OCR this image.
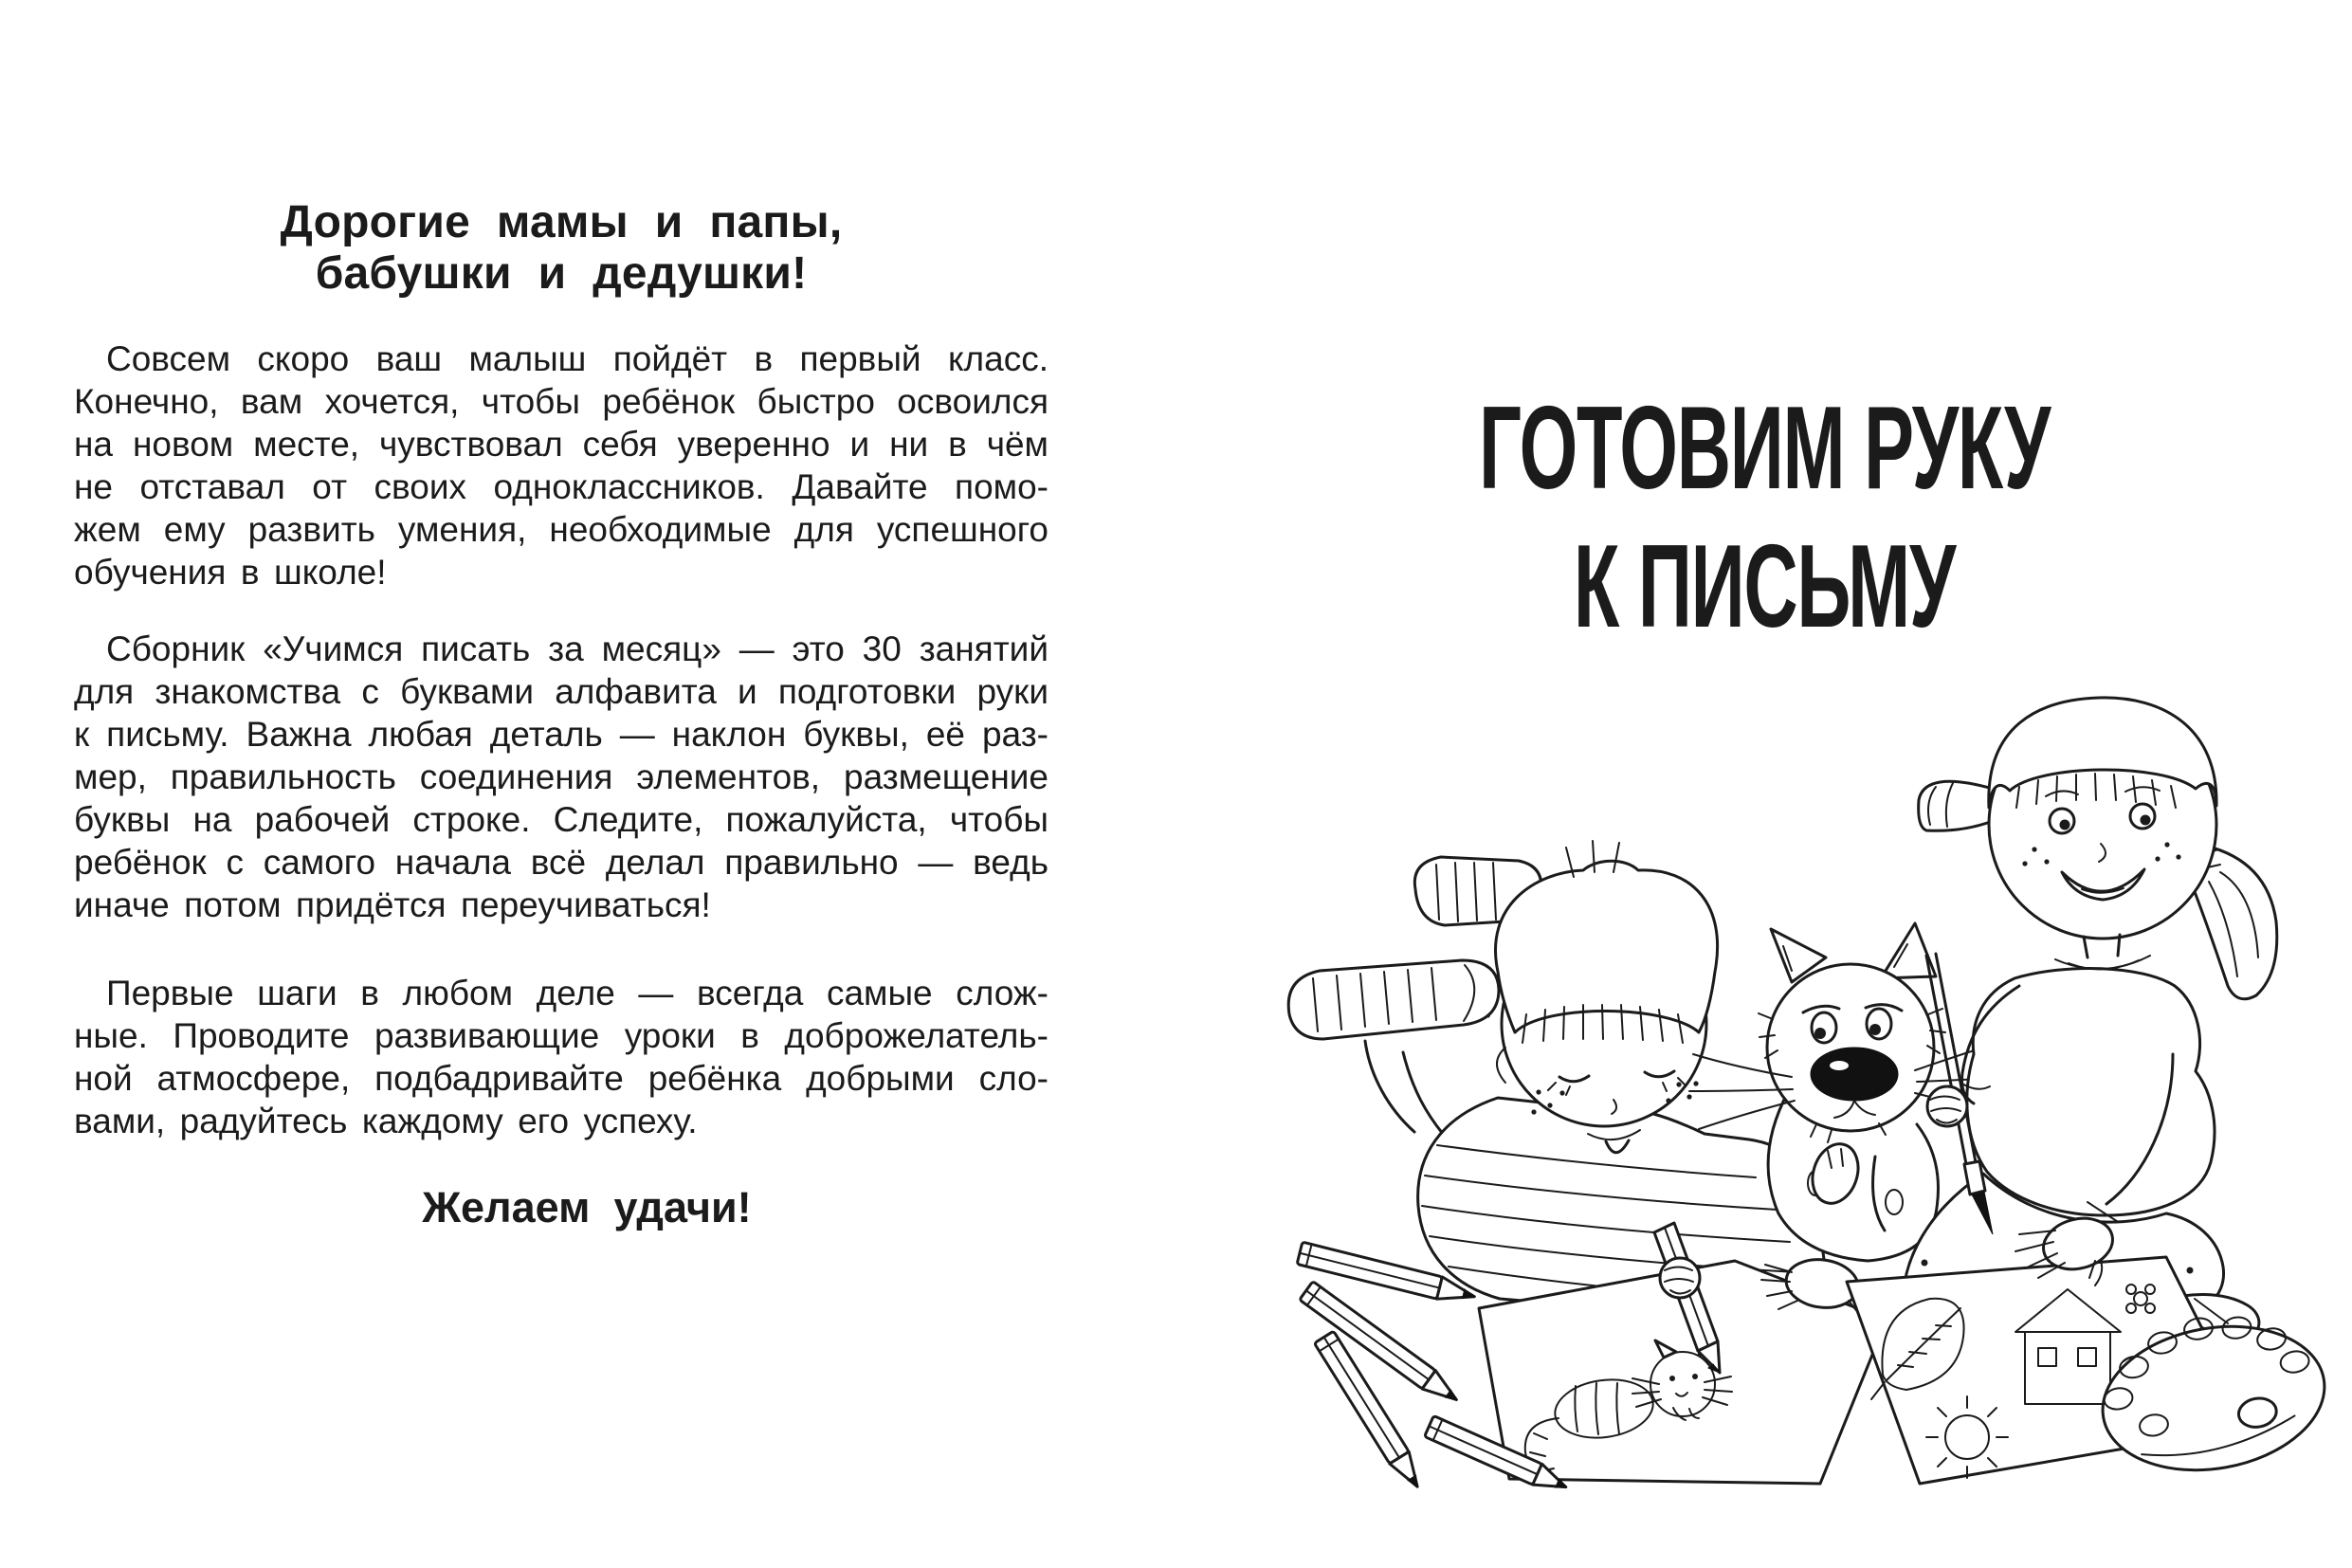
Дорогие мамы и папы,
бабушки и дедушки!
Совсем скоро ваш малыш пойдёт в первый класс.
Конечно, вам хочется, чтобы ребёнок быстро освоился
на новом месте, чувствовал себя уверенно и ни в чём
не отставал от своих одноклассников. Давайте помо-
жем ему развить умения, необходимые для успешного
обучения в школе!
Сборник «Учимся писать за месяц» — это 30 занятий
для знакомства с буквами алфавита и подготовки руки
к письму. Важна любая деталь — наклон буквы, её раз-
мер, правильность соединения элементов, размещение
буквы на рабочей строке. Следите, пожалуйста, чтобы
ребёнок с самого начала всё делал правильно — ведь
иначе потом придётся переучиваться!
Первые шаги в любом деле — всегда самые слож-
ные. Проводите развивающие уроки в доброжелатель-
ной атмосфере, подбадривайте ребёнка добрыми сло-
вами, радуйтесь каждому его успеху.
Желаем удачи!
ГОТОВИМ РУКУ
К ПИСЬМУ
